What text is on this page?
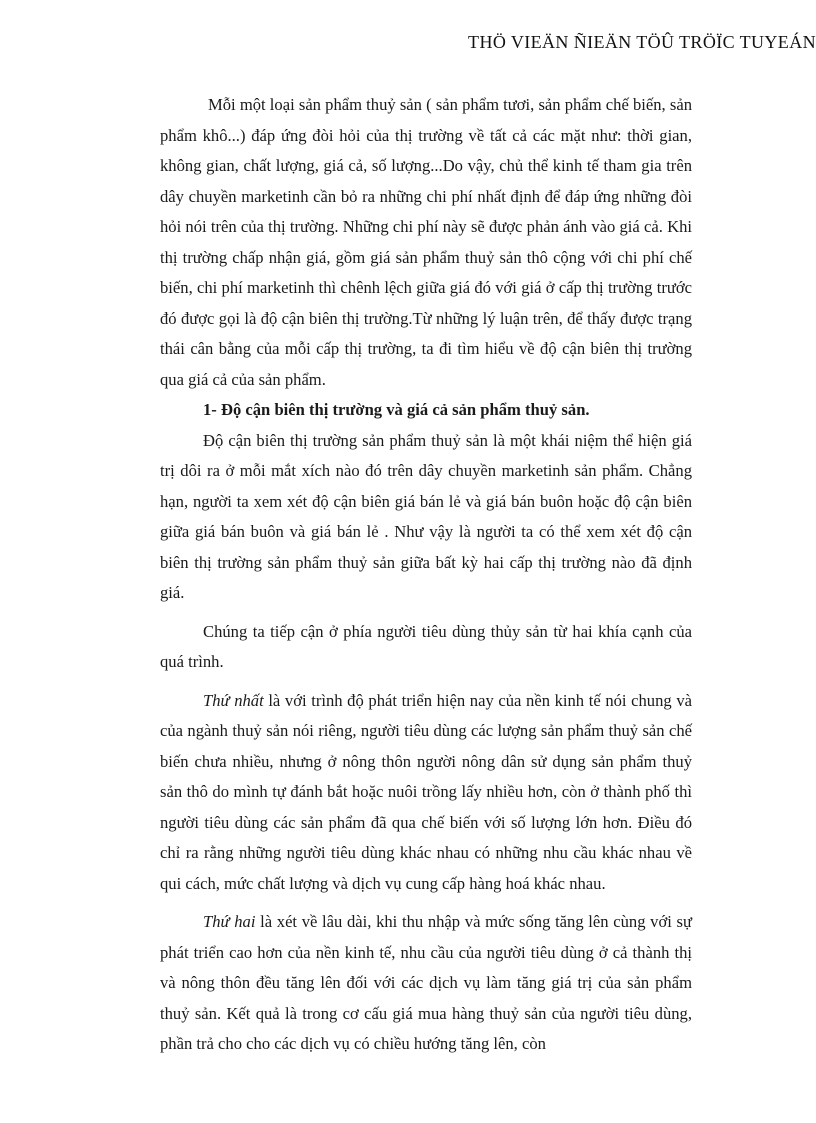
THÖ VIEÄN ÑIEÄN TÖÛ TRÖÏC TUYEÁN

Mỗi một loại sản phẩm thuỷ sản ( sản phẩm tươi, sản phẩm chế biến, sản phẩm khô...) đáp ứng đòi hỏi của thị trường về tất cả các mặt như: thời gian, không gian, chất lượng, giá cả, số lượng...Do vậy, chủ thể kinh tế tham gia trên dây chuyền marketinh cần bỏ ra những chi phí nhất định để đáp ứng những đòi hỏi nói trên của thị trường. Những chi phí này sẽ được phản ánh vào giá cả. Khi thị trường chấp nhận giá, gồm giá sản phẩm thuỷ sản thô cộng với chi phí chế biến, chi phí marketinh thì chênh lệch giữa giá đó với giá ở cấp thị trường trước đó được gọi là độ cận biên thị trường.Từ những lý luận trên, để thấy được trạng thái cân bằng của mỗi cấp thị trường, ta đi tìm hiểu về độ cận biên thị trường qua giá cả của sản phẩm.

1- Độ cận biên thị trường và giá cả sản phẩm thuỷ sản.

Độ cận biên thị trường sản phẩm thuỷ sản là một khái niệm thể hiện giá trị dôi ra ở mỗi mắt xích nào đó trên dây chuyền marketinh sản phẩm. Chẳng hạn, người ta xem xét độ cận biên giá bán lẻ và giá bán buôn hoặc độ cận biên giữa giá bán buôn và giá bán lẻ . Như vậy là người ta có thể xem xét độ cận biên thị trường sản phẩm thuỷ sản giữa bất kỳ hai cấp thị trường nào đã định giá.

Chúng ta tiếp cận ở phía người tiêu dùng thủy sản từ hai khía cạnh của quá trình.

Thứ nhất là với trình độ phát triển hiện nay của nền kinh tế nói chung và của ngành thuỷ sản nói riêng, người tiêu dùng các lượng sản phẩm thuỷ sản chế biến chưa nhiều, nhưng ở nông thôn người nông dân sử dụng sản phẩm thuỷ sản thô do mình tự đánh bắt hoặc nuôi trồng lấy nhiều hơn, còn ở thành phố thì người tiêu dùng các sản phẩm đã qua chế biến với số lượng lớn hơn. Điều đó chỉ ra rằng những người tiêu dùng khác nhau có những nhu cầu khác nhau về qui cách, mức chất lượng và dịch vụ cung cấp hàng hoá khác nhau.

Thứ hai là xét về lâu dài, khi thu nhập và mức sống tăng lên cùng với sự phát triển cao hơn của nền kinh tế, nhu cầu của người tiêu dùng ở cả thành thị và nông thôn đều tăng lên đối với các dịch vụ làm tăng giá trị của sản phẩm thuỷ sản. Kết quả là trong cơ cấu giá mua hàng thuỷ sản của người tiêu dùng, phần trả cho cho các dịch vụ có chiều hướng tăng lên, còn
